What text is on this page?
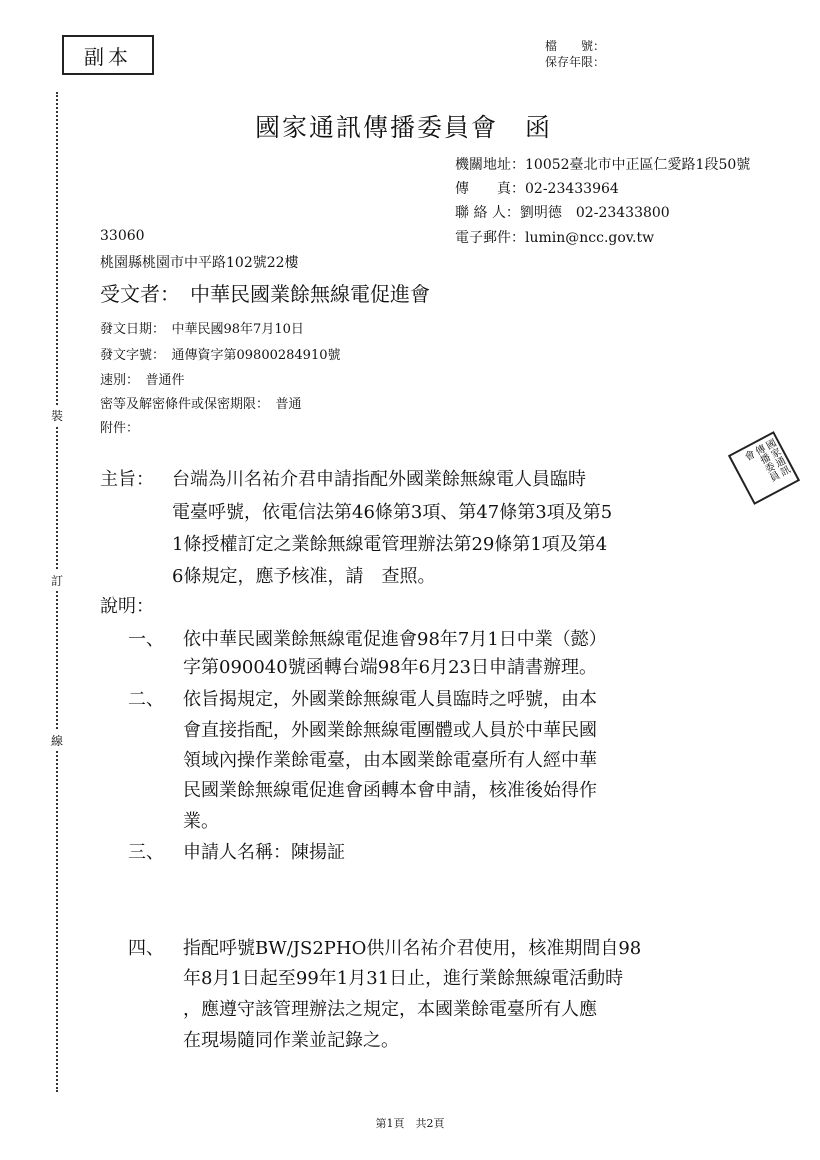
副本	檔　　號：
保存年限：
裝
訂
線
國家通訊傳播委員會　函
機關地址：10052臺北市中正區仁愛路1段50號
傳　　真：02-23433964
聯 絡 人：劉明德　02-23433800
電子郵件：lumin@ncc.gov.tw
33060
桃園縣桃園市中平路102號22樓
受文者：　中華民國業餘無線電促進會
發文日期：　中華民國98年7月10日
發文字號：　通傳資字第09800284910號
速別：　普通件
密等及解密條件或保密期限：　普通
附件：
國家通訊傳播委員會
主旨： 台端為川名祐介君申請指配外國業餘無線電人員臨時
電臺呼號，依電信法第46條第3項、第47條第3項及第5
1條授權訂定之業餘無線電管理辦法第29條第1項及第4
6條規定，應予核准，請　查照。
說明：
一、 依中華民國業餘無線電促進會98年7月1日中業（懿）
字第090040號函轉台端98年6月23日申請書辦理。
二、 依旨揭規定，外國業餘無線電人員臨時之呼號，由本
會直接指配，外國業餘無線電團體或人員於中華民國
領域內操作業餘電臺，由本國業餘電臺所有人經中華
民國業餘無線電促進會函轉本會申請，核准後始得作
業。
三、 申請人名稱：陳揚証
四、 指配呼號BW/JS2PHO供川名祐介君使用，核准期間自98
年8月1日起至99年1月31日止，進行業餘無線電活動時
，應遵守該管理辦法之規定，本國業餘電臺所有人應
在現場隨同作業並記錄之。
第1頁　共2頁
